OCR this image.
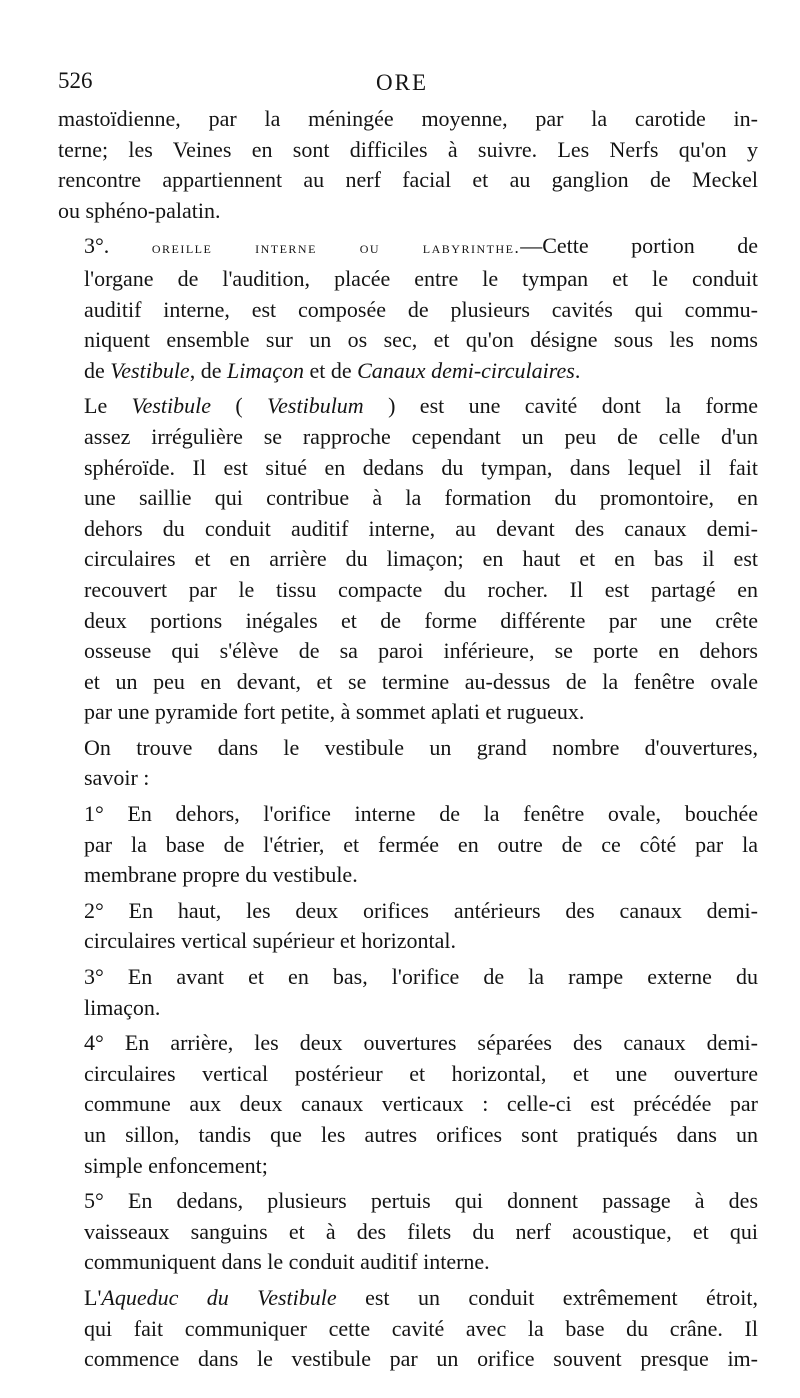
526	ORE
mastoïdienne, par la méningée moyenne, par la carotide in-
terne; les Veines en sont difficiles à suivre. Les Nerfs qu'on y
rencontre appartiennent au nerf facial et au ganglion de Meckel
ou sphéno-palatin.
3°.	oreille interne ou labyrinthe.—Cette portion de
l'organe de l'audition, placée entre le tympan et le conduit
auditif interne, est composée de plusieurs cavités qui commu-
niquent ensemble sur un os sec, et qu'on désigne sous les noms
de Vestibule, de Limaçon et de Canaux demi-circulaires.
Le Vestibule ( Vestibulum ) est une cavité dont la forme
assez irrégulière se rapproche cependant un peu de celle d'un
sphéroïde. Il est situé en dedans du tympan, dans lequel il fait
une saillie qui contribue à la formation du promontoire, en
dehors du conduit auditif interne, au devant des canaux demi-
circulaires et en arrière du limaçon; en haut et en bas il est
recouvert par le tissu compacte du rocher. Il est partagé en
deux portions inégales et de forme différente par une crête
osseuse qui s'élève de sa paroi inférieure, se porte en dehors
et un peu en devant, et se termine au-dessus de la fenêtre ovale
par une pyramide fort petite, à sommet aplati et rugueux.
On trouve dans le vestibule un grand nombre d'ouvertures,
savoir :
1° En dehors, l'orifice interne de la fenêtre ovale, bouchée
par la base de l'étrier, et fermée en outre de ce côté par la
membrane propre du vestibule.
2° En haut, les deux orifices antérieurs des canaux demi-
circulaires vertical supérieur et horizontal.
3° En avant et en bas, l'orifice de la rampe externe du
limaçon.
4° En arrière, les deux ouvertures séparées des canaux demi-
circulaires vertical postérieur et horizontal, et une ouverture
commune aux deux canaux verticaux : celle-ci est précédée par
un sillon, tandis que les autres orifices sont pratiqués dans un
simple enfoncement;
5° En dedans, plusieurs pertuis qui donnent passage à des
vaisseaux sanguins et à des filets du nerf acoustique, et qui
communiquent dans le conduit auditif interne.
L'Aqueduc du Vestibule est un conduit extrêmement étroit,
qui fait communiquer cette cavité avec la base du crâne. Il
commence dans le vestibule par un orifice souvent presque im-
